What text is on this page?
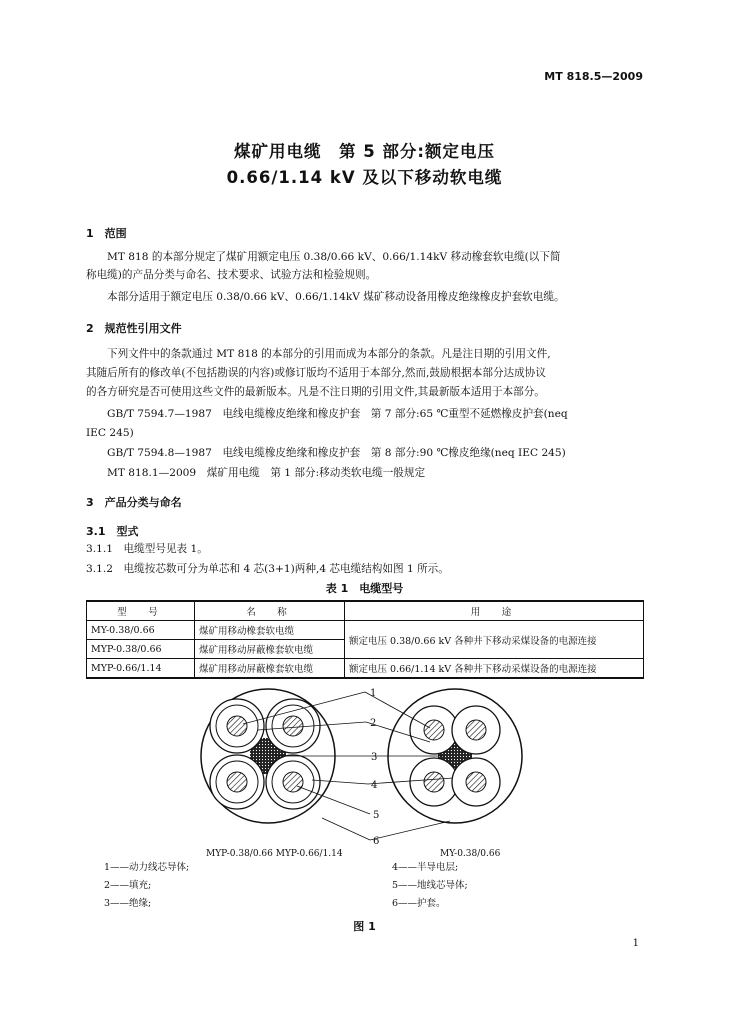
MT 818.5—2009
煤矿用电缆　第 5 部分:额定电压
0.66/1.14 kV 及以下移动软电缆
1　范围
MT 818 的本部分规定了煤矿用额定电压 0.38/0.66 kV、0.66/1.14kV 移动橡套软电缆(以下简
称电缆)的产品分类与命名、技术要求、试验方法和检验规则。
本部分适用于额定电压 0.38/0.66 kV、0.66/1.14kV 煤矿移动设备用橡皮绝缘橡皮护套软电缆。
2　规范性引用文件
下列文件中的条款通过 MT 818 的本部分的引用而成为本部分的条款。凡是注日期的引用文件,
其随后所有的修改单(不包括勘误的内容)或修订版均不适用于本部分,然而,鼓励根据本部分达成协议
的各方研究是否可使用这些文件的最新版本。凡是不注日期的引用文件,其最新版本适用于本部分。
GB/T 7594.7—1987　电线电缆橡皮绝缘和橡皮护套　第 7 部分:65 ℃重型不延燃橡皮护套(neq
IEC 245)
GB/T 7594.8—1987　电线电缆橡皮绝缘和橡皮护套　第 8 部分:90 ℃橡皮绝缘(neq IEC 245)
MT 818.1—2009　煤矿用电缆　第 1 部分:移动类软电缆一般规定
3　产品分类与命名
3.1　型式
3.1.1　电缆型号见表 1。
3.1.2　电缆按芯数可分为单芯和 4 芯(3+1)两种,4 芯电缆结构如图 1 所示。
表 1　电缆型号
型　号	名　称	用　途
MY-0.38/0.66	煤矿用移动橡套软电缆	额定电压 0.38/0.66 kV 各种井下移动采煤设备的电源连接
MYP-0.38/0.66	煤矿用移动屏蔽橡套软电缆	
MYP-0.66/1.14	煤矿用移动屏蔽橡套软电缆	额定电压 0.66/1.14 kV 各种井下移动采煤设备的电源连接
1
2
3
4
5
6
MYP-0.38/0.66 MYP-0.66/1.14	MY-0.38/0.66
1——动力线芯导体;
2——填充;
3——绝缘;
4——半导电层;
5——地线芯导体;
6——护套。
图 1
1
